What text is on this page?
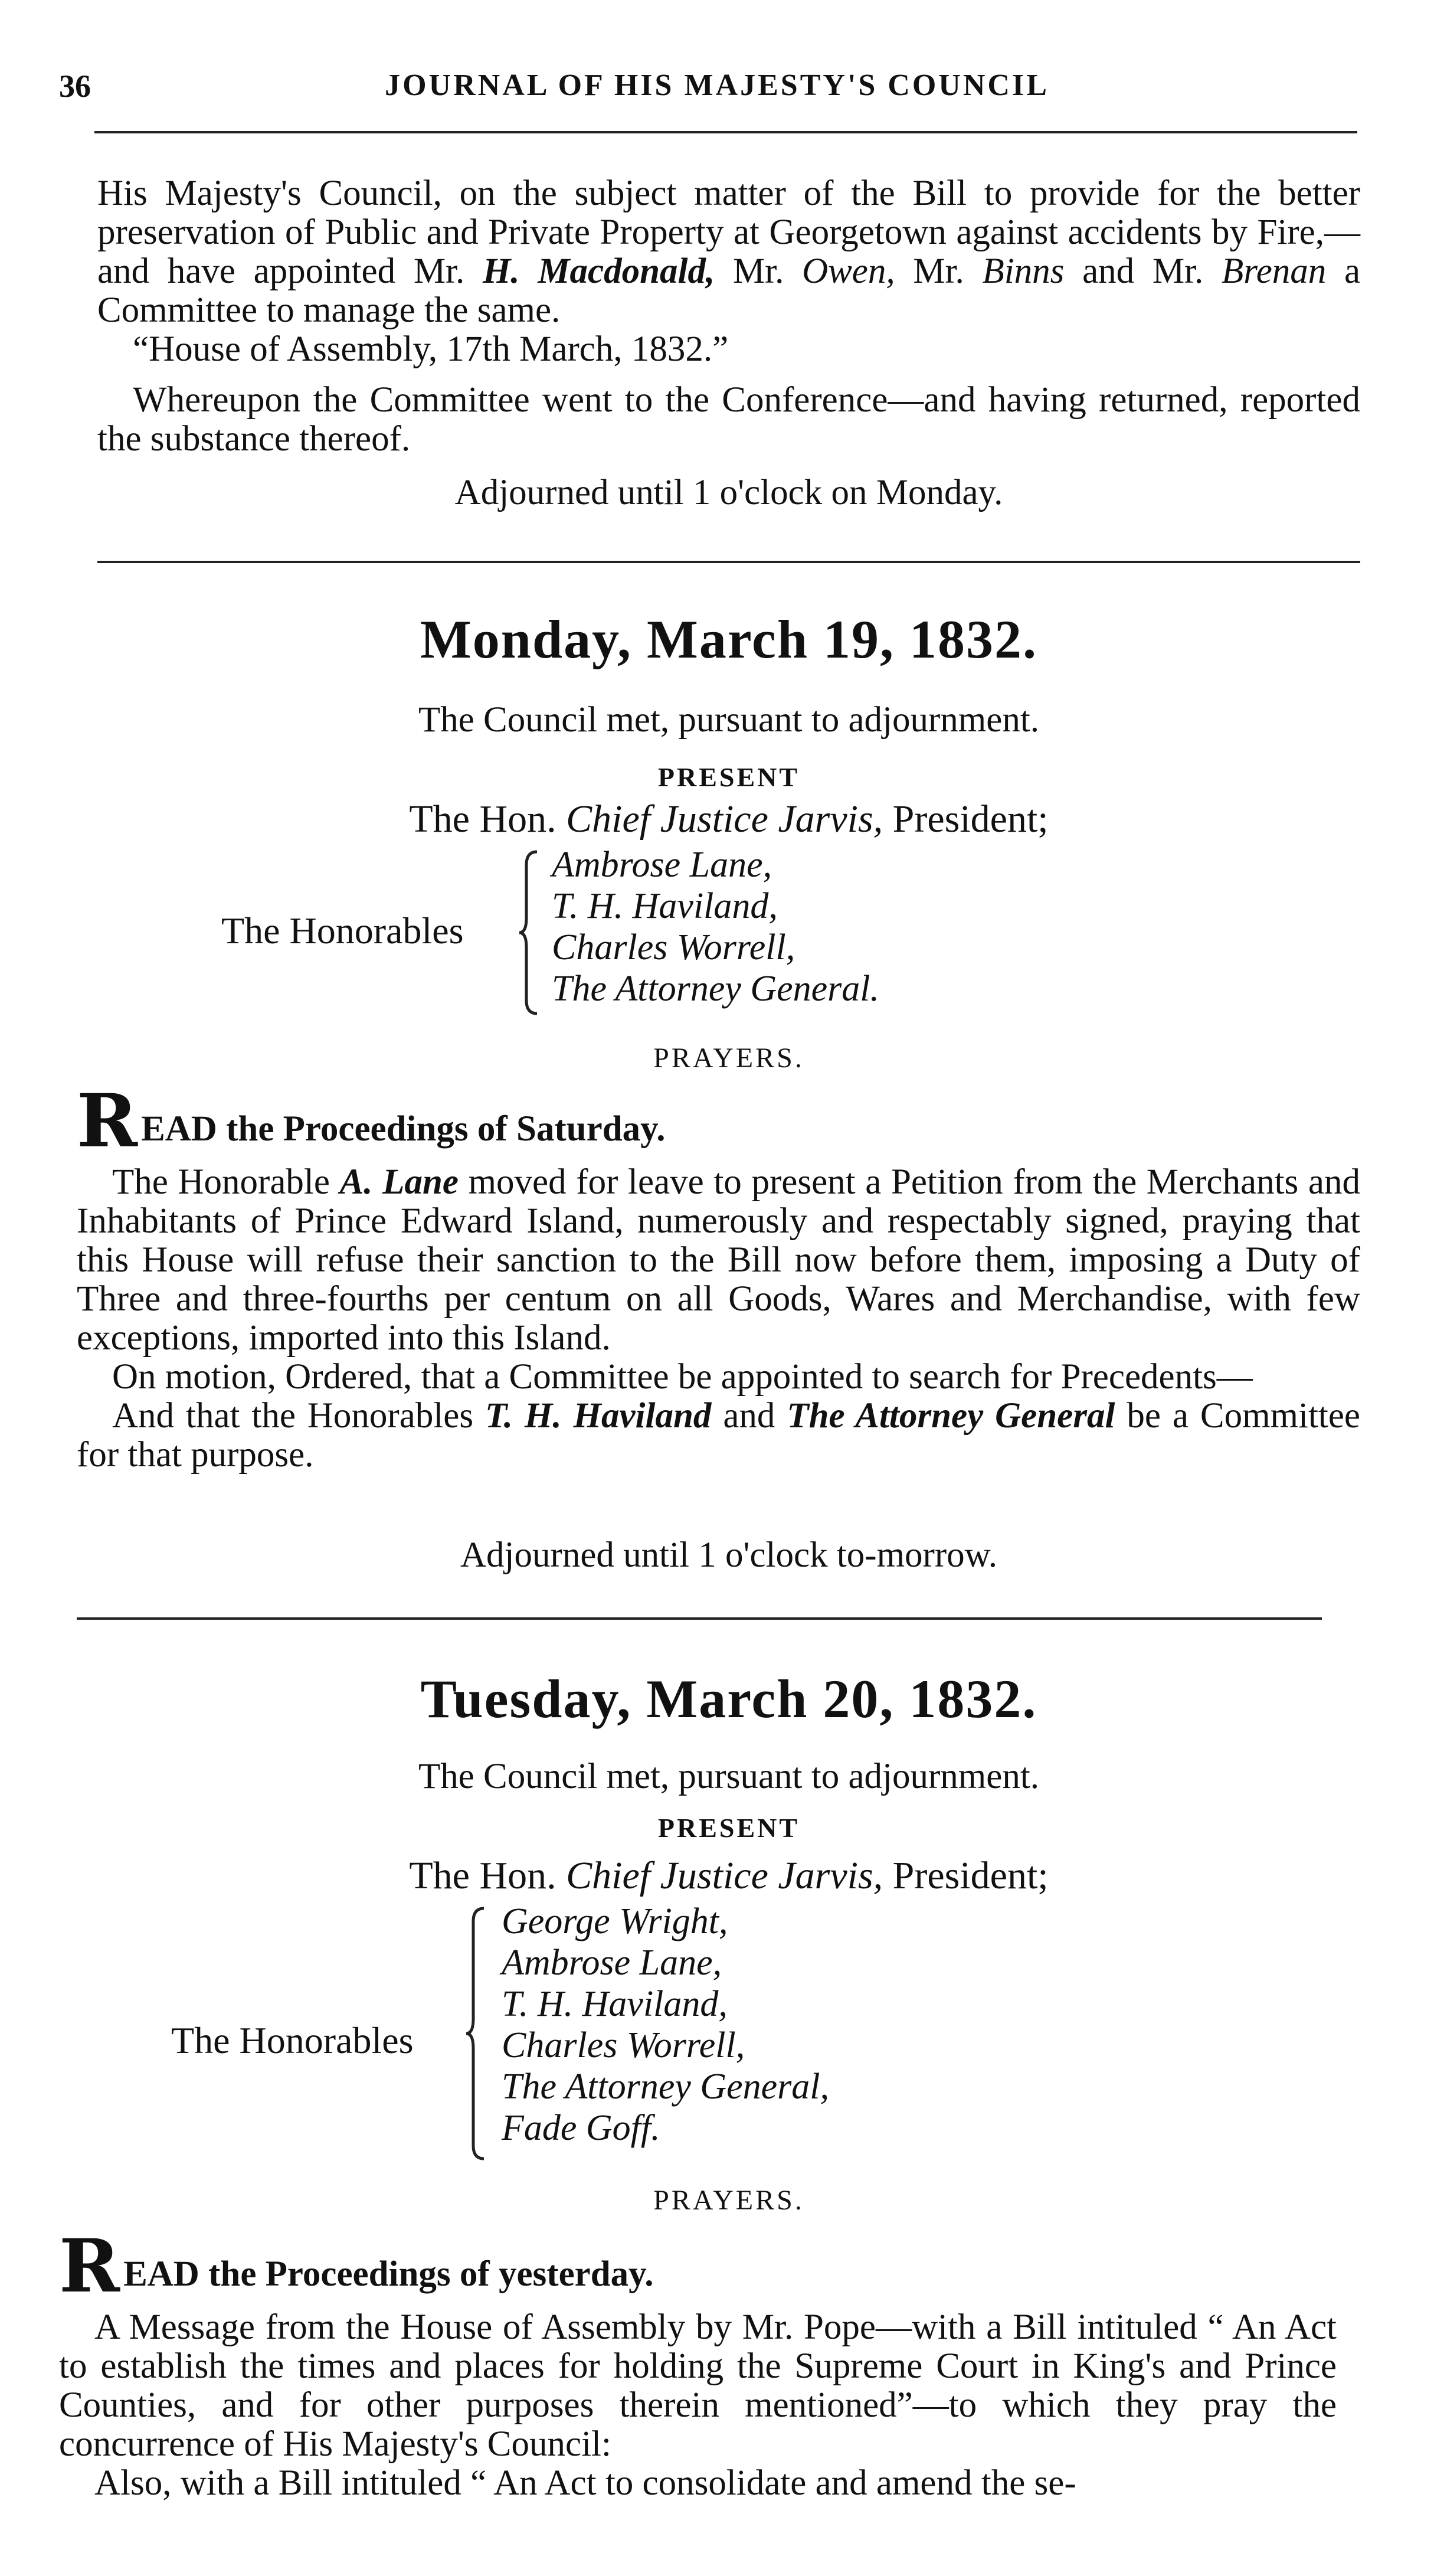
36	JOURNAL OF HIS MAJESTY'S COUNCIL

His Majesty's Council, on the subject matter of the Bill to provide for the better preservation of Public and Private Property at Georgetown against accidents by Fire,—and have appointed Mr. H. Macdonald, Mr. Owen, Mr. Binns and Mr. Brenan a Committee to manage the same.

“House of Assembly, 17th March, 1832.”

Whereupon the Committee went to the Conference—and having returned, reported the substance thereof.

Adjourned until 1 o'clock on Monday.
Monday, March 19, 1832.
The Council met, pursuant to adjournment.
PRESENT
The Hon. Chief Justice Jarvis, President;
The Honorables
Ambrose Lane,
T. H. Haviland,
Charles Worrell,
The Attorney General.
PRAYERS.

R EAD the Proceedings of Saturday.

The Honorable A. Lane moved for leave to present a Petition from the Merchants and Inhabitants of Prince Edward Island, numerously and respectably signed, praying that this House will refuse their sanction to the Bill now before them, imposing a Duty of Three and three-fourths per centum on all Goods, Wares and Merchandise, with few exceptions, imported into this Island.

On motion, Ordered, that a Committee be appointed to search for Precedents—

And that the Honorables T. H. Haviland and The Attorney General be a Committee for that purpose.

Adjourned until 1 o'clock to-morrow.
Tuesday, March 20, 1832.
The Council met, pursuant to adjournment.
PRESENT
The Hon. Chief Justice Jarvis, President;
The Honorables
George Wright,
Ambrose Lane,
T. H. Haviland,
Charles Worrell,
The Attorney General,
Fade Goff.
PRAYERS.

R EAD the Proceedings of yesterday.

A Message from the House of Assembly by Mr. Pope—with a Bill intituled “ An Act to establish the times and places for holding the Supreme Court in King's and Prince Counties, and for other purposes therein mentioned”—to which they pray the concurrence of His Majesty's Council:

Also, with a Bill intituled “ An Act to consolidate and amend the se-
